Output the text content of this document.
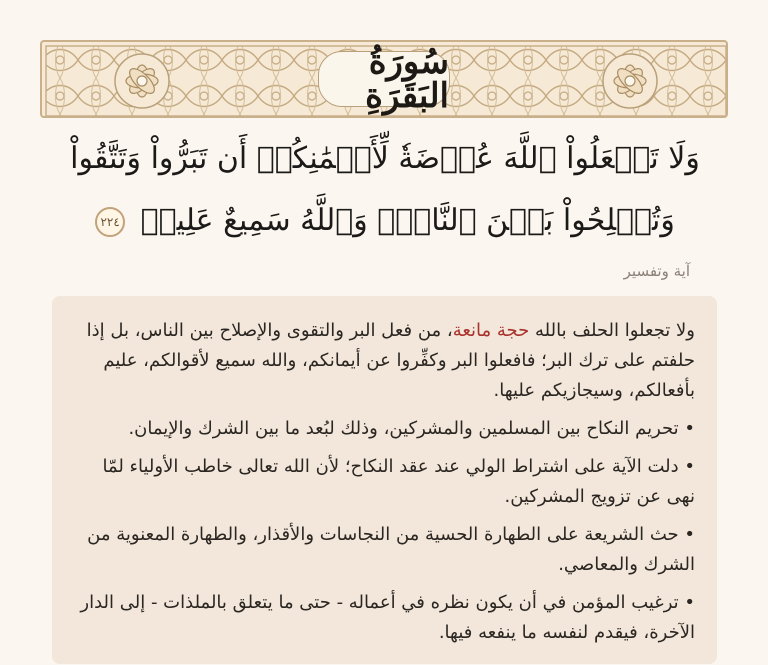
سُورَةُ البَقَرَةِ
وَلَا تَجۡعَلُواْ ٱللَّهَ عُرۡضَةٗ لِّأَيۡمَٰنِكُمۡ أَن تَبَرُّواْ وَتَتَّقُواْ وَتُصۡلِحُواْ بَيۡنَ ٱلنَّاسِۚ وَٱللَّهُ سَمِيعٌ عَلِيمٞ ٢٢٤
آية وتفسير

ولا تجعلوا الحلف بالله حجة مانعة، من فعل البر والتقوى والإصلاح بين الناس، بل إذا حلفتم على ترك البر؛ فافعلوا البر وكفِّروا عن أيمانكم، والله سميع لأقوالكم، عليم بأفعالكم، وسيجازيكم عليها.

• تحريم النكاح بين المسلمين والمشركين، وذلك لبُعد ما بين الشرك والإيمان.
• دلت الآية على اشتراط الولي عند عقد النكاح؛ لأن الله تعالى خاطب الأولياء لمّا نهى عن تزويج المشركين.
• حث الشريعة على الطهارة الحسية من النجاسات والأقذار، والطهارة المعنوية من الشرك والمعاصي.
• ترغيب المؤمن في أن يكون نظره في أعماله - حتى ما يتعلق بالملذات - إلى الدار الآخرة، فيقدم لنفسه ما ينفعه فيها.
